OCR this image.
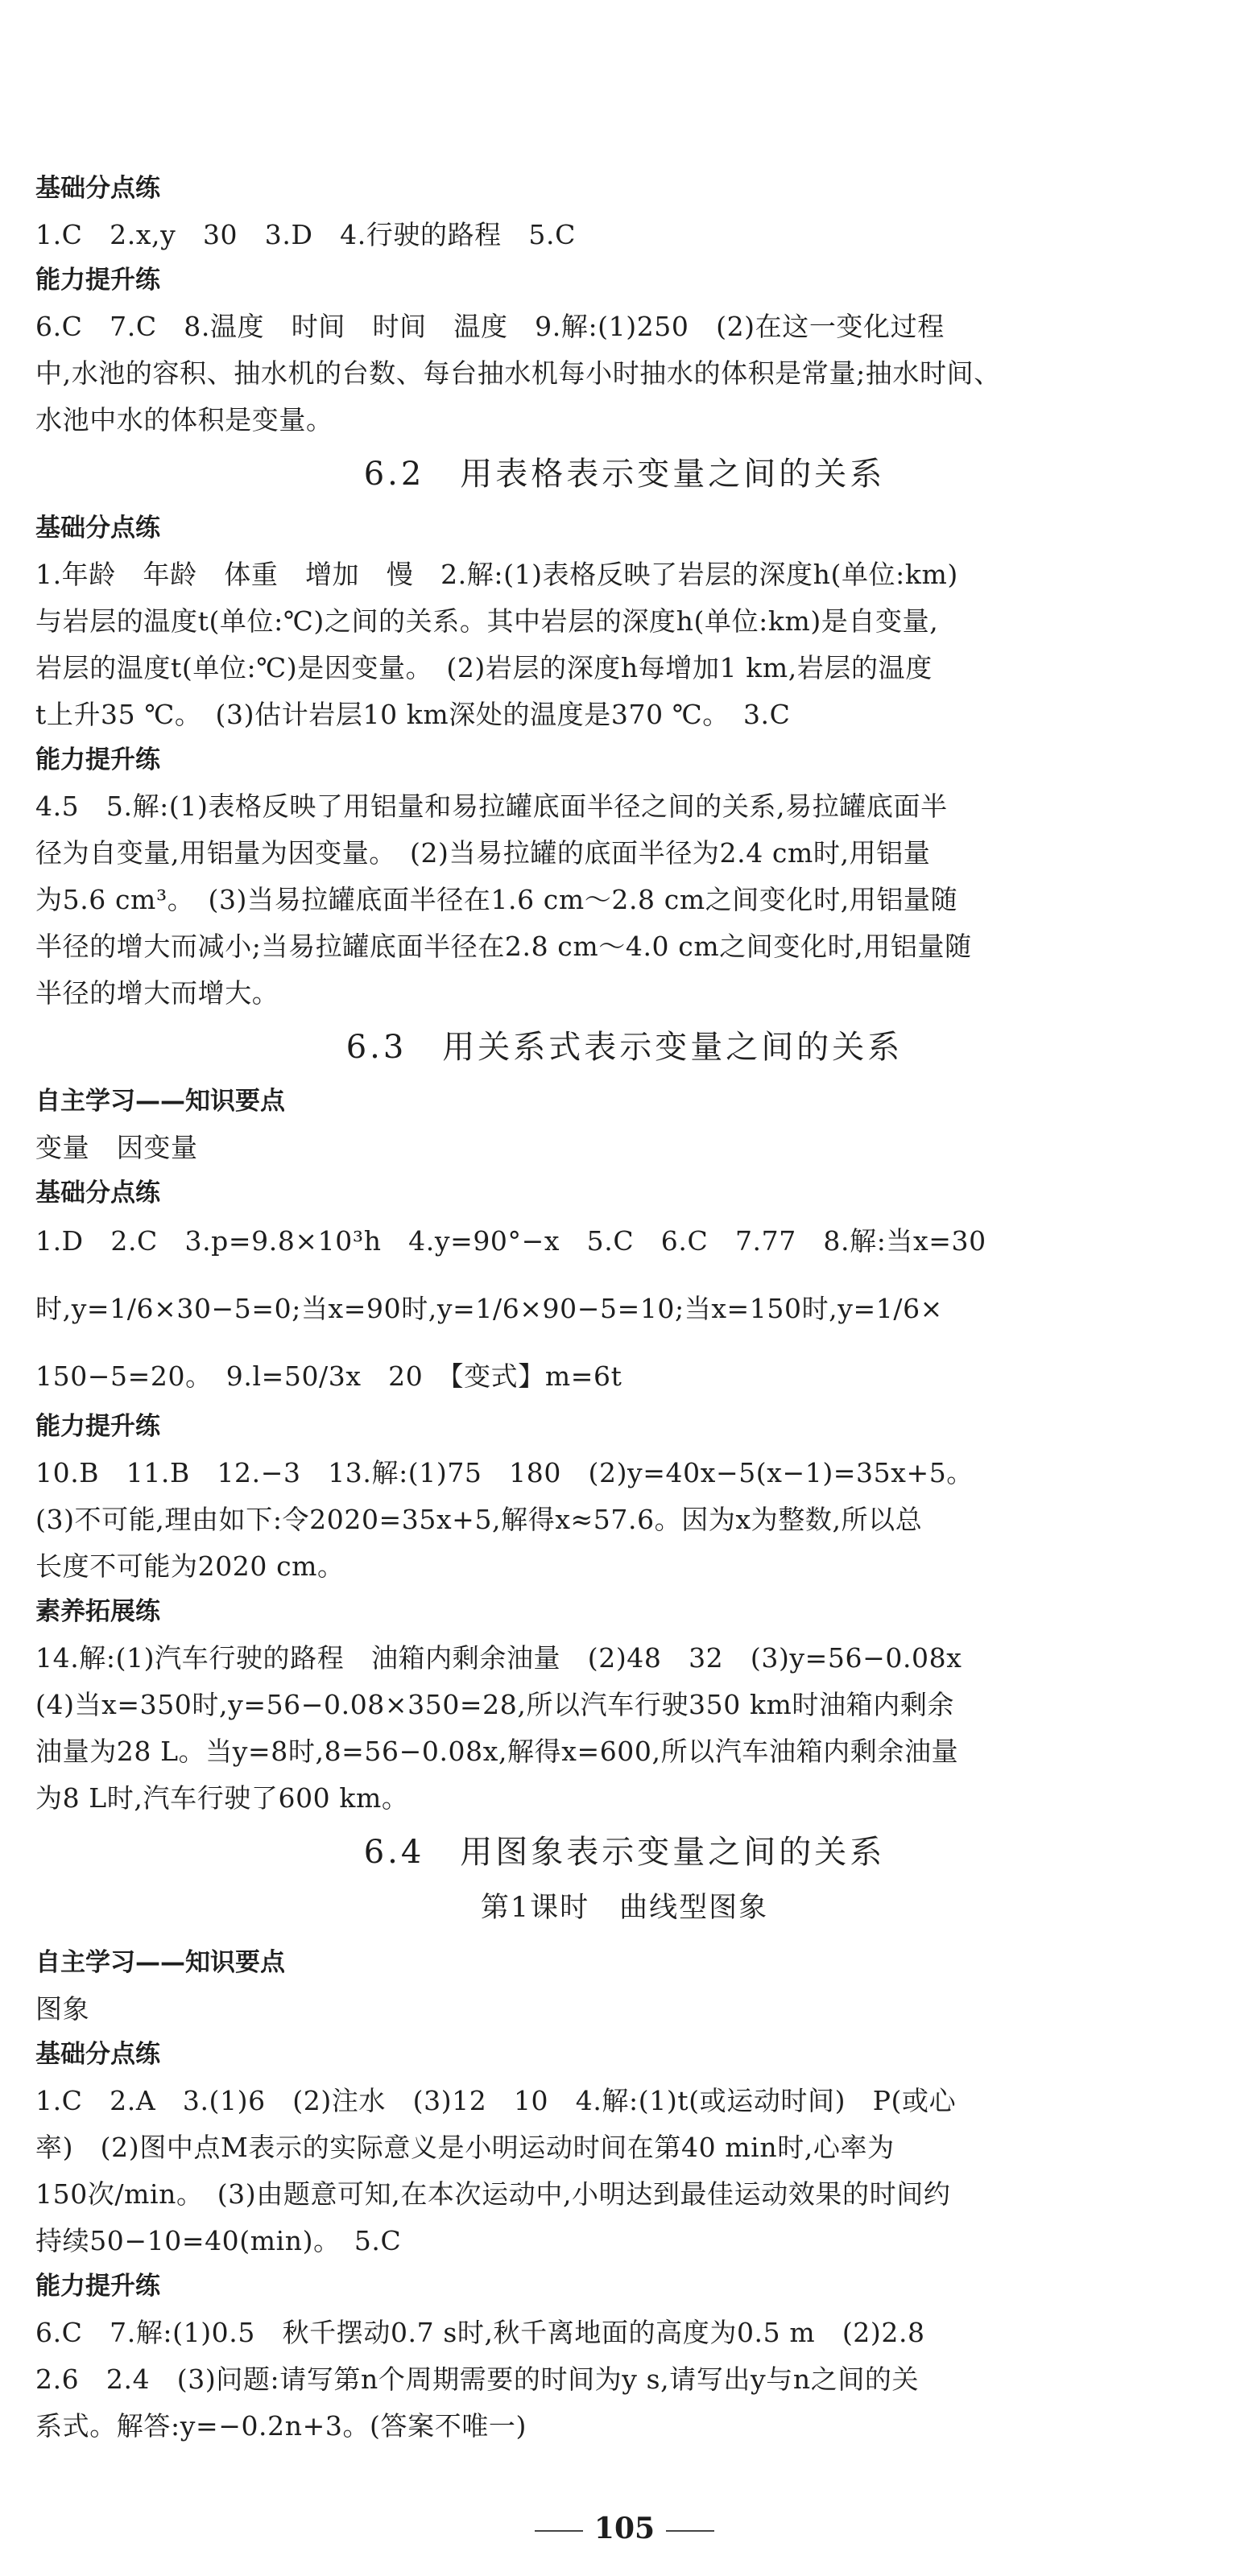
基础分点练
1.C　2.x,y　30　3.D　4.行驶的路程　5.C
能力提升练
6.C　7.C　8.温度　时间　时间　温度　9.解:(1)250　(2)在这一变化过程
中,水池的容积、抽水机的台数、每台抽水机每小时抽水的体积是常量;抽水时间、
水池中水的体积是变量。
6.2　用表格表示变量之间的关系
基础分点练
1.年龄　年龄　体重　增加　慢　2.解:(1)表格反映了岩层的深度h(单位:km)
与岩层的温度t(单位:℃)之间的关系。其中岩层的深度h(单位:km)是自变量,
岩层的温度t(单位:℃)是因变量。　(2)岩层的深度h每增加1 km,岩层的温度
t上升35 ℃。　(3)估计岩层10 km深处的温度是370 ℃。　3.C
能力提升练
4.5　5.解:(1)表格反映了用铝量和易拉罐底面半径之间的关系,易拉罐底面半
径为自变量,用铝量为因变量。　(2)当易拉罐的底面半径为2.4 cm时,用铝量
为5.6 cm³。　(3)当易拉罐底面半径在1.6 cm～2.8 cm之间变化时,用铝量随
半径的增大而减小;当易拉罐底面半径在2.8 cm～4.0 cm之间变化时,用铝量随
半径的增大而增大。
6.3　用关系式表示变量之间的关系
自主学习——知识要点
变量　因变量
基础分点练
1.D　2.C　3.p=9.8×10³h　4.y=90°−x　5.C　6.C　7.77　8.解:当x=30
时,y=1/6×30−5=0;当x=90时,y=1/6×90−5=10;当x=150时,y=1/6×
150−5=20。　9.l=50/3x　20　【变式】m=6t
能力提升练
10.B　11.B　12.−3　13.解:(1)75　180　(2)y=40x−5(x−1)=35x+5。
(3)不可能,理由如下:令2020=35x+5,解得x≈57.6。因为x为整数,所以总
长度不可能为2020 cm。
素养拓展练
14.解:(1)汽车行驶的路程　油箱内剩余油量　(2)48　32　(3)y=56−0.08x
(4)当x=350时,y=56−0.08×350=28,所以汽车行驶350 km时油箱内剩余
油量为28 L。当y=8时,8=56−0.08x,解得x=600,所以汽车油箱内剩余油量
为8 L时,汽车行驶了600 km。
6.4　用图象表示变量之间的关系
第1课时　曲线型图象
自主学习——知识要点
图象
基础分点练
1.C　2.A　3.(1)6　(2)注水　(3)12　10　4.解:(1)t(或运动时间)　P(或心
率)　(2)图中点M表示的实际意义是小明运动时间在第40 min时,心率为
150次/min。　(3)由题意可知,在本次运动中,小明达到最佳运动效果的时间约
持续50−10=40(min)。　5.C
能力提升练
6.C　7.解:(1)0.5　秋千摆动0.7 s时,秋千离地面的高度为0.5 m　(2)2.8
2.6　2.4　(3)问题:请写第n个周期需要的时间为y s,请写出y与n之间的关
系式。解答:y=−0.2n+3。(答案不唯一)
105
